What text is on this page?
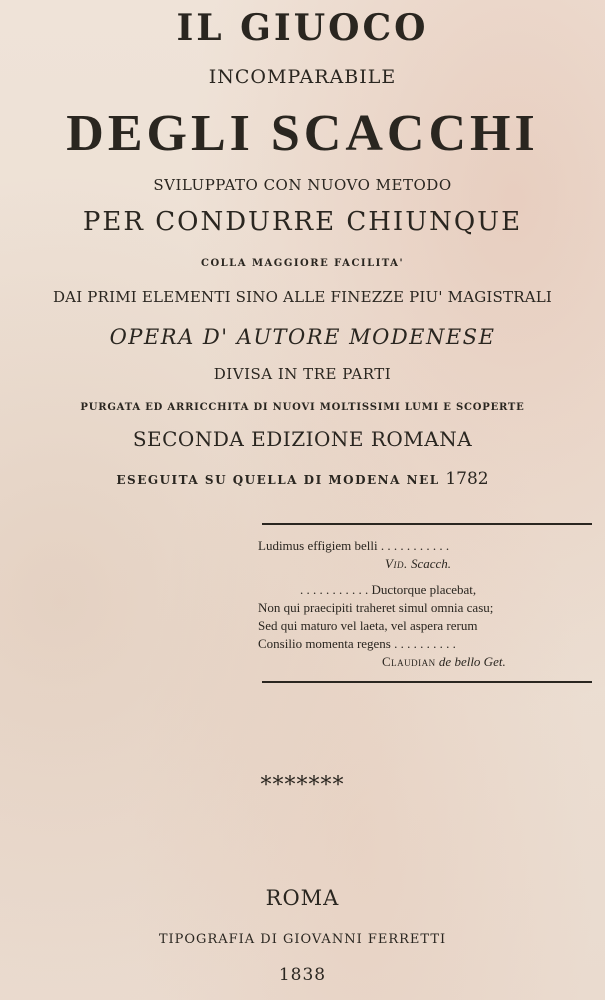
IL GIUOCO
INCOMPARABILE
DEGLI SCACCHI
SVILUPPATO CON NUOVO METODO
PER CONDURRE CHIUNQUE
COLLA MAGGIORE FACILITA'
DAI PRIMI ELEMENTI SINO ALLE FINEZZE PIU' MAGISTRALI
OPERA D' AUTORE MODENESE
DIVISA IN TRE PARTI
PURGATA ED ARRICCHITA DI NUOVI MOLTISSIMI LUMI E SCOPERTE
SECONDA EDIZIONE ROMANA
ESEGUITA SU QUELLA DI MODENA NEL 1782
Ludimus effigiem belli . . . . . . . . . . .
Vid. Scacch.
. . . . . . . . . . . Ductorque placebat,
Non qui praecipiti traheret simul omnia casu;
Sed qui maturo vel laeta, vel aspera rerum
Consilio momenta regens . . . . . . . . . .
Claudian de bello Get.
*******
ROMA
TIPOGRAFIA DI GIOVANNI FERRETTI
1838
